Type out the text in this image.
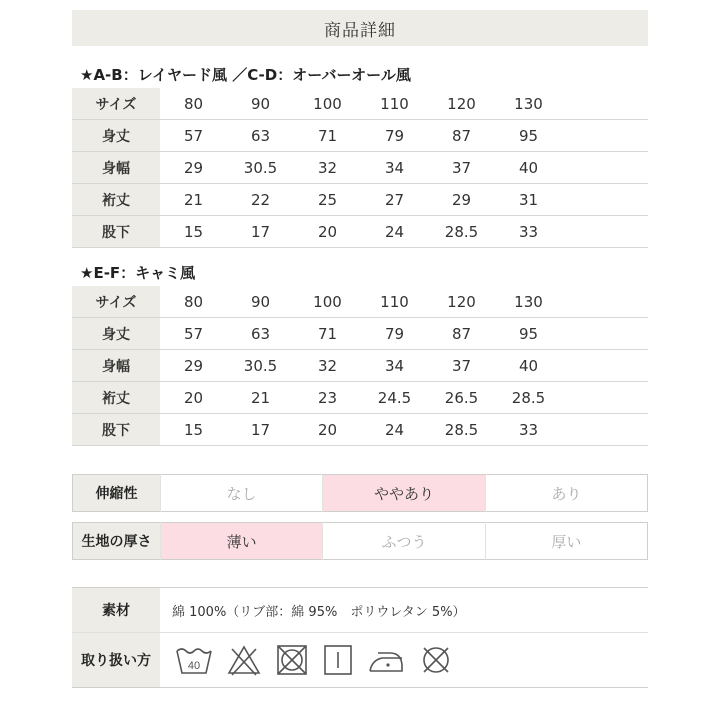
商品詳細
★A-B：レイヤード風 ／C-D：オーバーオール風
サイズ	80	90	100	110	120	130	
身丈	57	63	71	79	87	95	
身幅	29	30.5	32	34	37	40	
裄丈	21	22	25	27	29	31	
股下	15	17	20	24	28.5	33	
★E-F：キャミ風
サイズ	80	90	100	110	120	130	
身丈	57	63	71	79	87	95	
身幅	29	30.5	32	34	37	40	
裄丈	20	21	23	24.5	26.5	28.5	
股下	15	17	20	24	28.5	33	
伸縮性	なし	ややあり	あり
生地の厚さ	薄い	ふつう	厚い
素材	綿 100%（リブ部：綿 95%　ポリウレタン 5%）
取り扱い方	40
